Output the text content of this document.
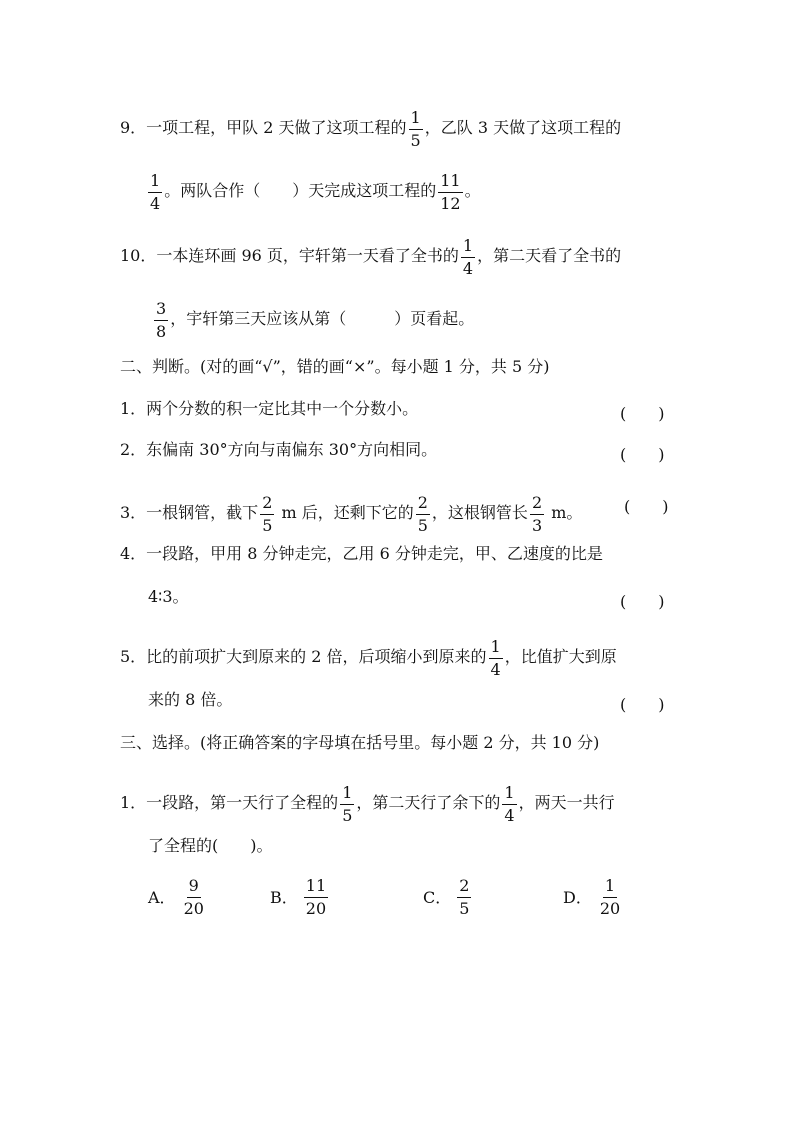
9．一项工程，甲队 2 天做了这项工程的 $\frac{1}{5}$ ，乙队 3 天做了这项工程的
$\frac{1}{4}$ 。两队合作（　　）天完成这项工程的 $\frac{11}{12}$ 。
10．一本连环画 96 页，宇轩第一天看了全书的 $\frac{1}{4}$ ，第二天看了全书的
$\frac{3}{8}$ ，宇轩第三天应该从第（　　　）页看起。
二、判断。(对的画“√”，错的画“×”。每小题 1 分，共 5 分)
1．两个分数的积一定比其中一个分数小。	(　　)
2．东偏南 30°方向与南偏东 30°方向相同。	(　　)
3．一根钢管，截下 $\frac{2}{5}$ m 后，还剩下它的 $\frac{2}{5}$ ，这根钢管长 $\frac{2}{3}$ m。	(　　)
4．一段路，甲用 8 分钟走完，乙用 6 分钟走完，甲、乙速度的比是
4∶3。	(　　)
5．比的前项扩大到原来的 2 倍，后项缩小到原来的 $\frac{1}{4}$ ，比值扩大到原
来的 8 倍。	(　　)
三、选择。(将正确答案的字母填在括号里。每小题 2 分，共 10 分)
1．一段路，第一天行了全程的 $\frac{1}{5}$ ，第二天行了余下的 $\frac{1}{4}$ ，两天一共行
了全程的(　　)。
A． $\frac{9}{20}$	B． $\frac{11}{20}$	C． $\frac{2}{5}$	D． $\frac{1}{20}$
